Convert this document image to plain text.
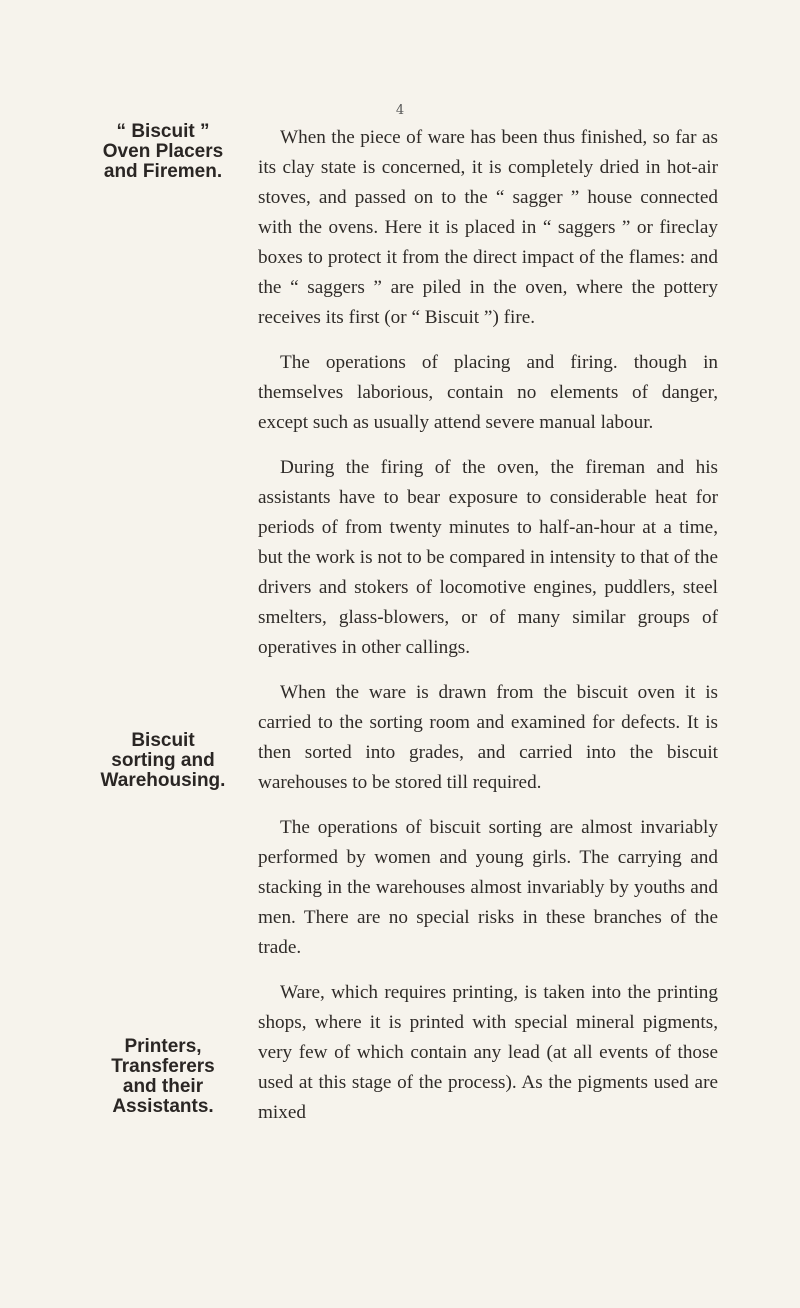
4
“ Biscuit ”
Oven Placers
and Firemen.
Biscuit
sorting and
Warehousing.
Printers,
Transferers
and their
Assistants.

When the piece of ware has been thus finished, so far as its clay state is concerned, it is completely dried in hot-air stoves, and passed on to the “ sagger ” house connected with the ovens. Here it is placed in “ saggers ” or fireclay boxes to protect it from the direct impact of the flames: and the “ saggers ” are piled in the oven, where the pottery receives its first (or “ Biscuit ”) fire.

The operations of placing and firing. though in themselves laborious, contain no elements of danger, except such as usually attend severe manual labour.

During the firing of the oven, the fireman and his assistants have to bear exposure to considerable heat for periods of from twenty minutes to half-an-hour at a time, but the work is not to be compared in intensity to that of the drivers and stokers of locomotive engines, puddlers, steel smelters, glass-blowers, or of many similar groups of operatives in other callings.

When the ware is drawn from the biscuit oven it is carried to the sorting room and examined for defects. It is then sorted into grades, and carried into the biscuit warehouses to be stored till required.

The operations of biscuit sorting are almost invariably performed by women and young girls. The carrying and stacking in the warehouses almost invariably by youths and men. There are no special risks in these branches of the trade.

Ware, which requires printing, is taken into the printing shops, where it is printed with special mineral pigments, very few of which contain any lead (at all events of those used at this stage of the process). As the pigments used are mixed
